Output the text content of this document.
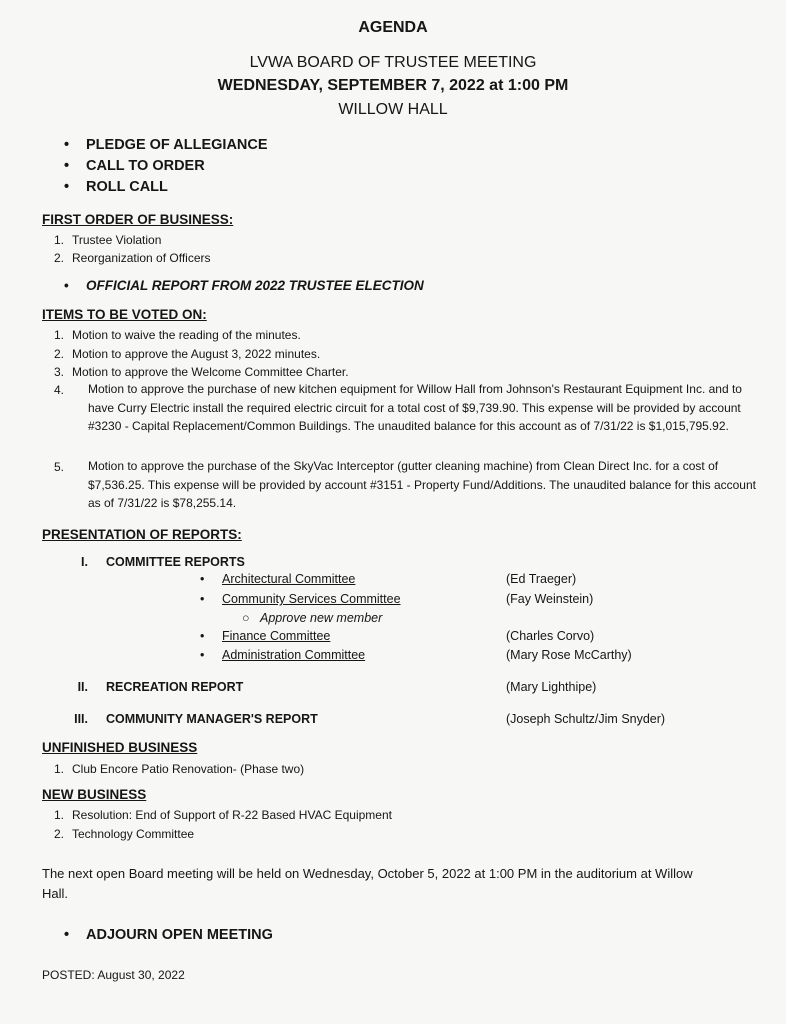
AGENDA
LVWA BOARD OF TRUSTEE MEETING
WEDNESDAY, SEPTEMBER 7, 2022 at 1:00 PM
WILLOW HALL
• PLEDGE OF ALLEGIANCE
• CALL TO ORDER
• ROLL CALL
FIRST ORDER OF BUSINESS:
1. Trustee Violation
2. Reorganization of Officers
• OFFICIAL REPORT FROM 2022 TRUSTEE ELECTION
ITEMS TO BE VOTED ON:
1. Motion to waive the reading of the minutes.
2. Motion to approve the August 3, 2022 minutes.
3. Motion to approve the Welcome Committee Charter.
4.	Motion to approve the purchase of new kitchen equipment for Willow Hall from Johnson's Restaurant Equipment Inc. and to have Curry Electric install the required electric circuit for a total cost of $9,739.90. This expense will be provided by account #3230 - Capital Replacement/Common Buildings. The unaudited balance for this account as of 7/31/22 is $1,015,795.92.
5.	Motion to approve the purchase of the SkyVac Interceptor (gutter cleaning machine) from Clean Direct Inc. for a cost of $7,536.25. This expense will be provided by account #3151 - Property Fund/Additions. The unaudited balance for this account as of 7/31/22 is $78,255.14.
PRESENTATION OF REPORTS:
I. COMMITTEE REPORTS
• Architectural Committee	(Ed Traeger)
• Community Services Committee	(Fay Weinstein)
○ Approve new member
• Finance Committee	(Charles Corvo)
• Administration Committee	(Mary Rose McCarthy)
II. RECREATION REPORT	(Mary Lighthipe)
III. COMMUNITY MANAGER'S REPORT	(Joseph Schultz/Jim Snyder)
UNFINISHED BUSINESS
1. Club Encore Patio Renovation- (Phase two)
NEW BUSINESS
1. Resolution: End of Support of R-22 Based HVAC Equipment
2. Technology Committee
The next open Board meeting will be held on Wednesday, October 5, 2022 at 1:00 PM in the auditorium at Willow Hall.
• ADJOURN OPEN MEETING
POSTED: August 30, 2022
